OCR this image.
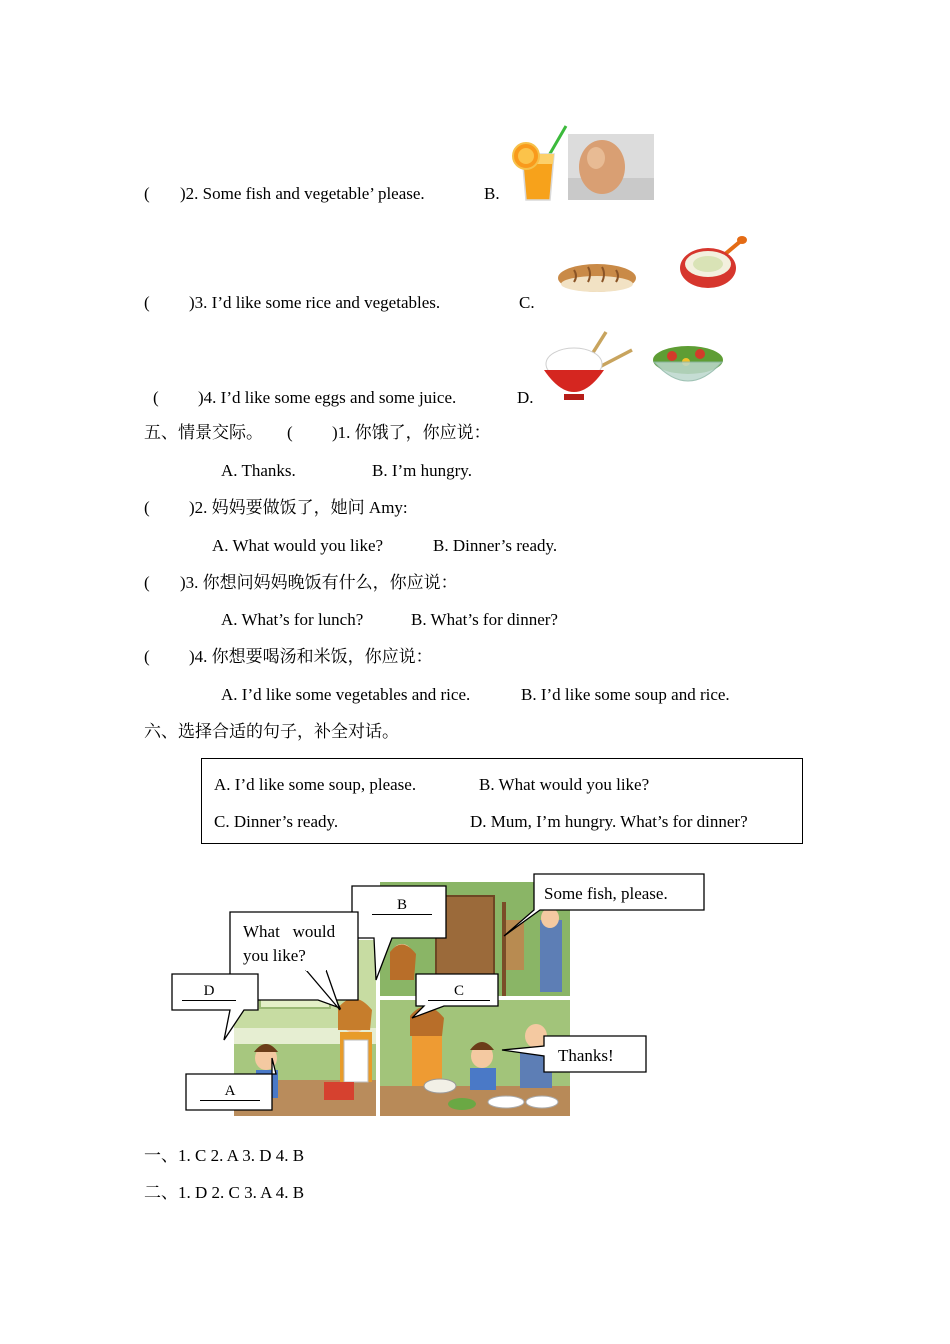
( )2. Some fish and vegetable’ please.	B.
( )3. I’d like some rice and vegetables.	C.
( )4. I’d like some eggs and some juice.	D.
五、情景交际。 ( )1. 你饿了，你应说：
A. Thanks.	B. I’m hungry.
( )2. 妈妈要做饭了，她问 Amy:
A. What would you like?	B. Dinner’s ready.
( )3. 你想问妈妈晚饭有什么，你应说：
A. What’s for lunch?	B. What’s for dinner?
( )4. 你想要喝汤和米饭，你应说：
A. I’d like some vegetables and rice.	B. I’d like some soup and rice.
六、选择合适的句子，补全对话。
A. I’d like some soup, please.	B. What would you like?
C. Dinner’s ready.	D. Mum, I’m hungry. What’s for dinner?
B
Some fish, please.
What   would
you like?
D	C
Thanks!
A
一、1. C 2. A 3. D 4. B
二、1. D 2. C 3. A 4. B
